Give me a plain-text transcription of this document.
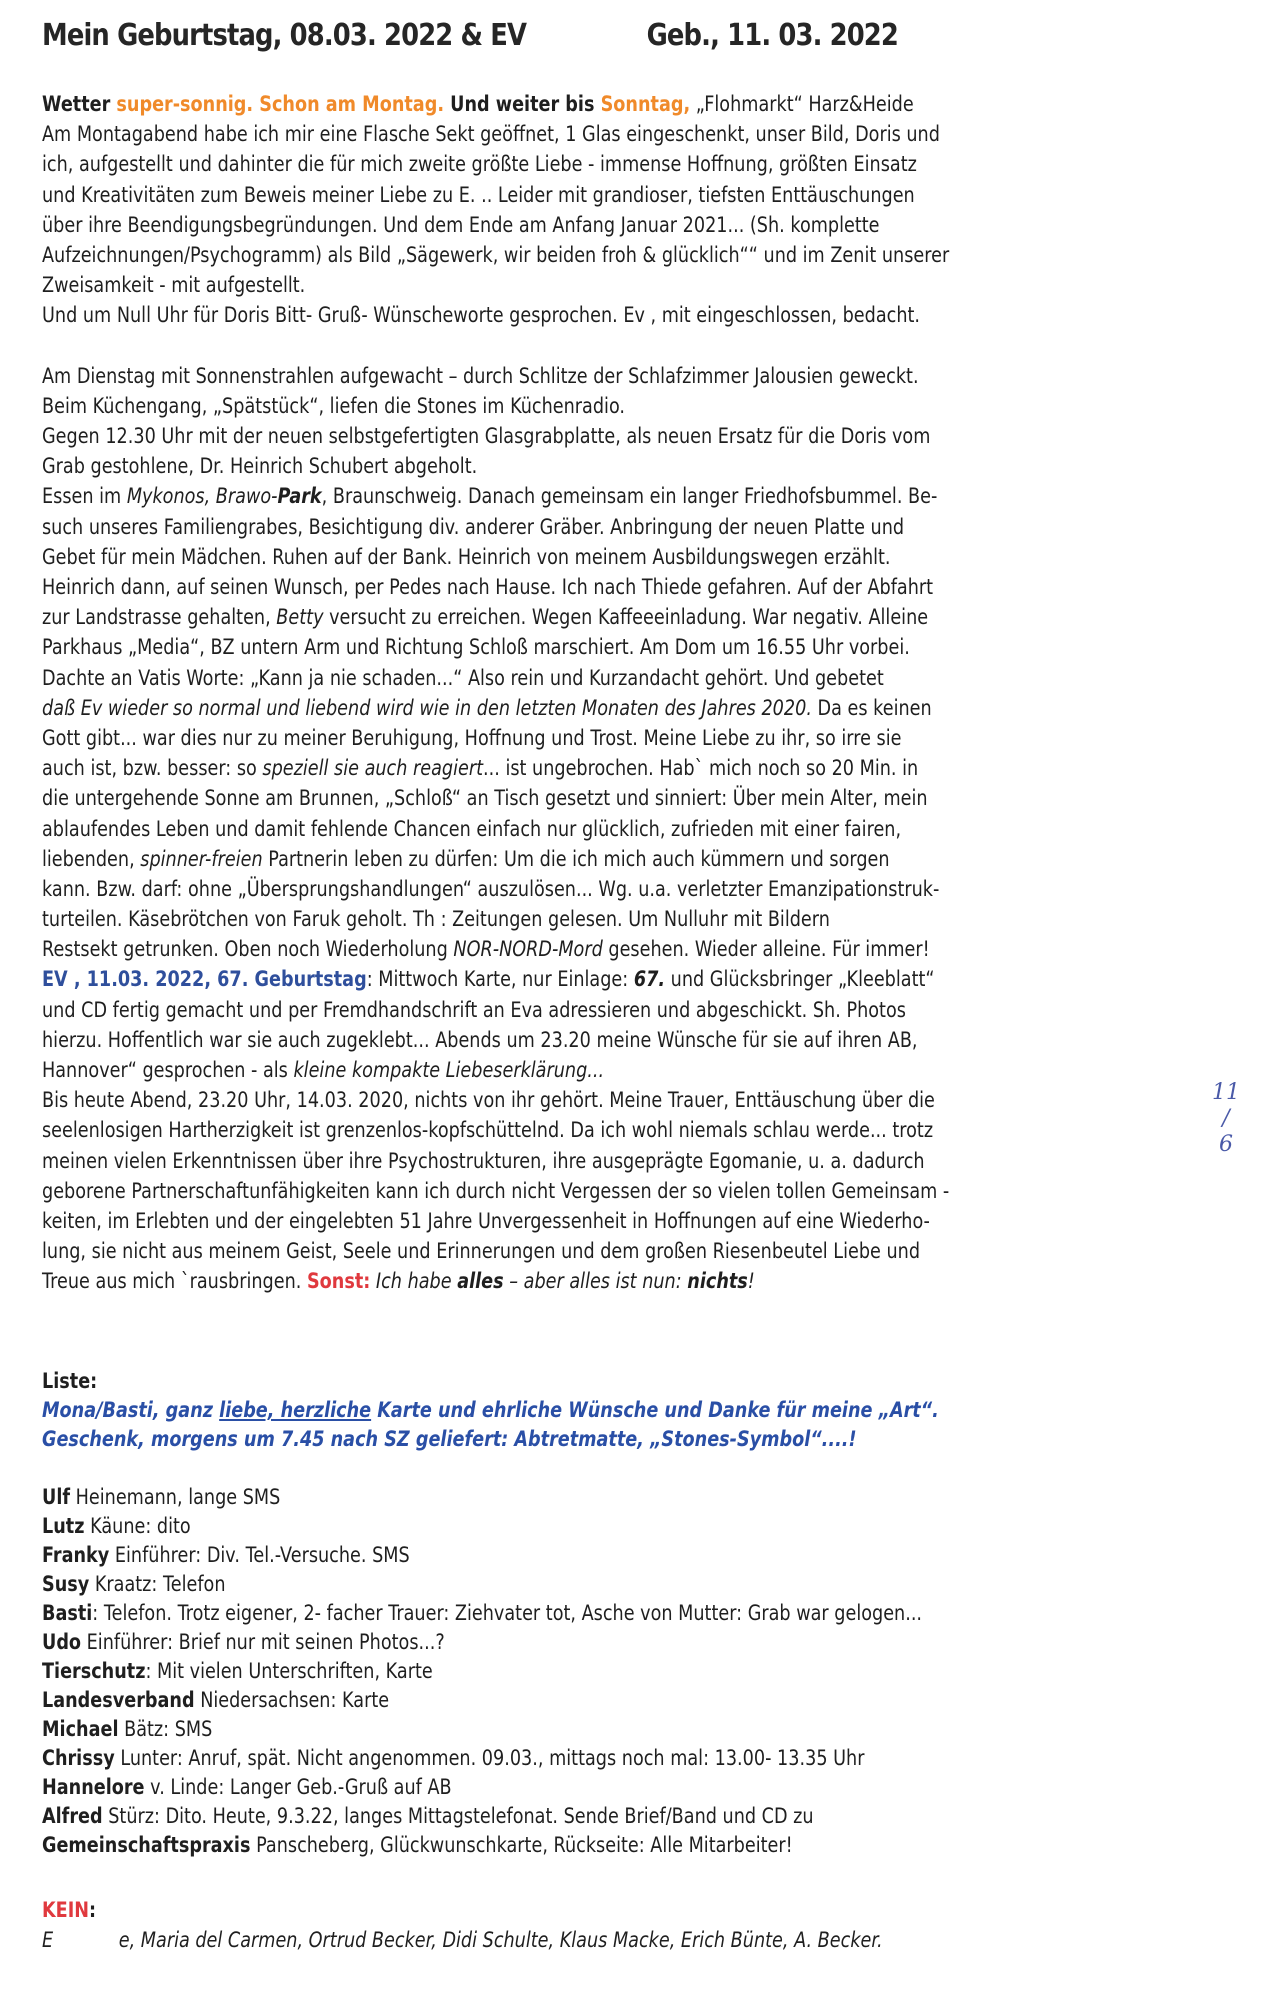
Mein Geburtstag, 08.03. 2022 & EV	Geb., 11. 03. 2022
Wetter super-sonnig. Schon am Montag. Und weiter bis Sonntag, „Flohmarkt“ Harz&Heide
Am Montagabend habe ich mir eine Flasche Sekt geöffnet, 1 Glas eingeschenkt, unser Bild, Doris und
ich, aufgestellt und dahinter die für mich zweite größte Liebe - immense Hoffnung, größten Einsatz
und Kreativitäten zum Beweis meiner Liebe zu E. .. Leider mit grandioser, tiefsten Enttäuschungen
über ihre Beendigungsbegründungen. Und dem Ende am Anfang Januar 2021... (Sh. komplette
Aufzeichnungen/Psychogramm) als Bild „Sägewerk, wir beiden froh & glücklich““ und im Zenit unserer
Zweisamkeit - mit aufgestellt.
Und um Null Uhr für Doris Bitt- Gruß- Wünscheworte gesprochen. Ev , mit eingeschlossen, bedacht.
Am Dienstag mit Sonnenstrahlen aufgewacht – durch Schlitze der Schlafzimmer Jalousien geweckt.
Beim Küchengang, „Spätstück“, liefen die Stones im Küchenradio.
Gegen 12.30 Uhr mit der neuen selbstgefertigten Glasgrabplatte, als neuen Ersatz für die Doris vom
Grab gestohlene, Dr. Heinrich Schubert abgeholt.
Essen im Mykonos, Brawo-Park, Braunschweig. Danach gemeinsam ein langer Friedhofsbummel. Be-
such unseres Familiengrabes, Besichtigung div. anderer Gräber. Anbringung der neuen Platte und
Gebet für mein Mädchen. Ruhen auf der Bank. Heinrich von meinem Ausbildungswegen erzählt.
Heinrich dann, auf seinen Wunsch, per Pedes nach Hause. Ich nach Thiede gefahren. Auf der Abfahrt
zur Landstrasse gehalten, Betty versucht zu erreichen. Wegen Kaffeeeinladung. War negativ. Alleine
Parkhaus „Media“, BZ untern Arm und Richtung Schloß marschiert. Am Dom um 16.55 Uhr vorbei.
Dachte an Vatis Worte: „Kann ja nie schaden...“ Also rein und Kurzandacht gehört. Und gebetet
daß Ev wieder so normal und liebend wird wie in den letzten Monaten des Jahres 2020. Da es keinen
Gott gibt... war dies nur zu meiner Beruhigung, Hoffnung und Trost. Meine Liebe zu ihr, so irre sie
auch ist, bzw. besser: so speziell sie auch reagiert... ist ungebrochen. Hab` mich noch so 20 Min. in
die untergehende Sonne am Brunnen, „Schloß“ an Tisch gesetzt und sinniert: Über mein Alter, mein
ablaufendes Leben und damit fehlende Chancen einfach nur glücklich, zufrieden mit einer fairen,
liebenden, spinner-freien Partnerin leben zu dürfen: Um die ich mich auch kümmern und sorgen
kann. Bzw. darf: ohne „Übersprungshandlungen“ auszulösen... Wg. u.a. verletzter Emanzipationstruk-
turteilen. Käsebrötchen von Faruk geholt. Th : Zeitungen gelesen. Um Nulluhr mit Bildern
Restsekt getrunken. Oben noch Wiederholung NOR-NORD-Mord gesehen. Wieder alleine. Für immer!
EV , 11.03. 2022, 67. Geburtstag: Mittwoch Karte, nur Einlage: 67. und Glücksbringer „Kleeblatt“
und CD fertig gemacht und per Fremdhandschrift an Eva adressieren und abgeschickt. Sh. Photos
hierzu. Hoffentlich war sie auch zugeklebt... Abends um 23.20 meine Wünsche für sie auf ihren AB,
Hannover“ gesprochen - als kleine kompakte Liebeserklärung...
Bis heute Abend, 23.20 Uhr, 14.03. 2020, nichts von ihr gehört. Meine Trauer, Enttäuschung über die
seelenlosigen Hartherzigkeit ist grenzenlos-kopfschüttelnd. Da ich wohl niemals schlau werde... trotz
meinen vielen Erkenntnissen über ihre Psychostrukturen, ihre ausgeprägte Egomanie, u. a. dadurch
geborene Partnerschaftunfähigkeiten kann ich durch nicht Vergessen der so vielen tollen Gemeinsam -
keiten, im Erlebten und der eingelebten 51 Jahre Unvergessenheit in Hoffnungen auf eine Wiederho-
lung, sie nicht aus meinem Geist, Seele und Erinnerungen und dem großen Riesenbeutel Liebe und
Treue aus mich `rausbringen. Sonst: Ich habe alles – aber alles ist nun: nichts!
Liste:
Mona/Basti, ganz liebe, herzliche Karte und ehrliche Wünsche und Danke für meine „Art“.
Geschenk, morgens um 7.45 nach SZ geliefert: Abtretmatte, „Stones-Symbol“....!
Ulf Heinemann, lange SMS
Lutz Käune: dito
Franky Einführer: Div. Tel.-Versuche. SMS
Susy Kraatz: Telefon
Basti: Telefon. Trotz eigener, 2- facher Trauer: Ziehvater tot, Asche von Mutter: Grab war gelogen...
Udo Einführer: Brief nur mit seinen Photos...?
Tierschutz: Mit vielen Unterschriften, Karte
Landesverband Niedersachsen: Karte
Michael Bätz: SMS
Chrissy Lunter: Anruf, spät. Nicht angenommen. 09.03., mittags noch mal: 13.00- 13.35 Uhr
Hannelore v. Linde: Langer Geb.-Gruß auf AB
Alfred Stürz: Dito. Heute, 9.3.22, langes Mittagstelefonat. Sende Brief/Band und CD zu
Gemeinschaftspraxis Panscheberg, Glückwunschkarte, Rückseite: Alle Mitarbeiter!
KEIN:
E	e, Maria del Carmen, Ortrud Becker, Didi Schulte, Klaus Macke, Erich Bünte, A. Becker.
11
/
6
